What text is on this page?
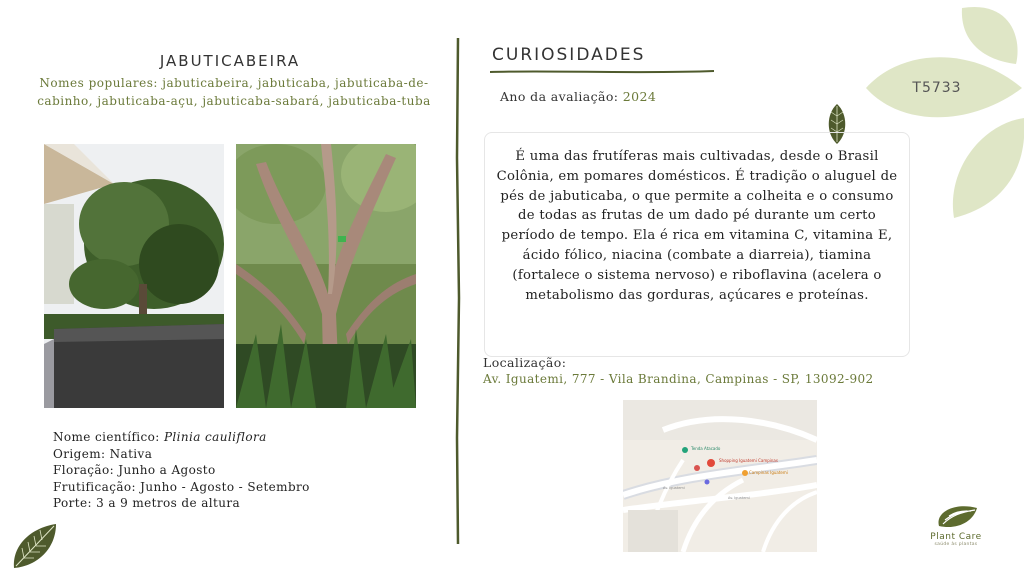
T5733
JABUTICABEIRA
Nomes populares: jabuticabeira, jabuticaba, jabuticaba-de-cabinho, jabuticaba-açu, jabuticaba-sabará, jabuticaba-tuba
Nome científico: Plinia cauliflora
Origem: Nativa
Floração: Junho a Agosto
Frutificação: Junho - Agosto - Setembro
Porte: 3 a 9 metros de altura
CURIOSIDADES
Ano da avaliação: 2024
É uma das frutíferas mais cultivadas, desde o Brasil Colônia, em pomares domésticos. É tradição o aluguel de pés de jabuticaba, o que permite a colheita e o consumo de todas as frutas de um dado pé durante um certo período de tempo. Ela é rica em vitamina C, vitamina E, ácido fólico, niacina (combate a diarreia), tiamina (fortalece o sistema nervoso) e riboflavina (acelera o metabolismo das gorduras, açúcares e proteínas.
Localização:
Av. Iguatemi, 777 - Vila Brandina, Campinas - SP, 13092-902
Tenda Atacado
Shopping Iguatemi Campinas
Campinas Iguatemi
Av. Iguatemi
Av. Iguatemi
Plant Care
saúde às plantas
